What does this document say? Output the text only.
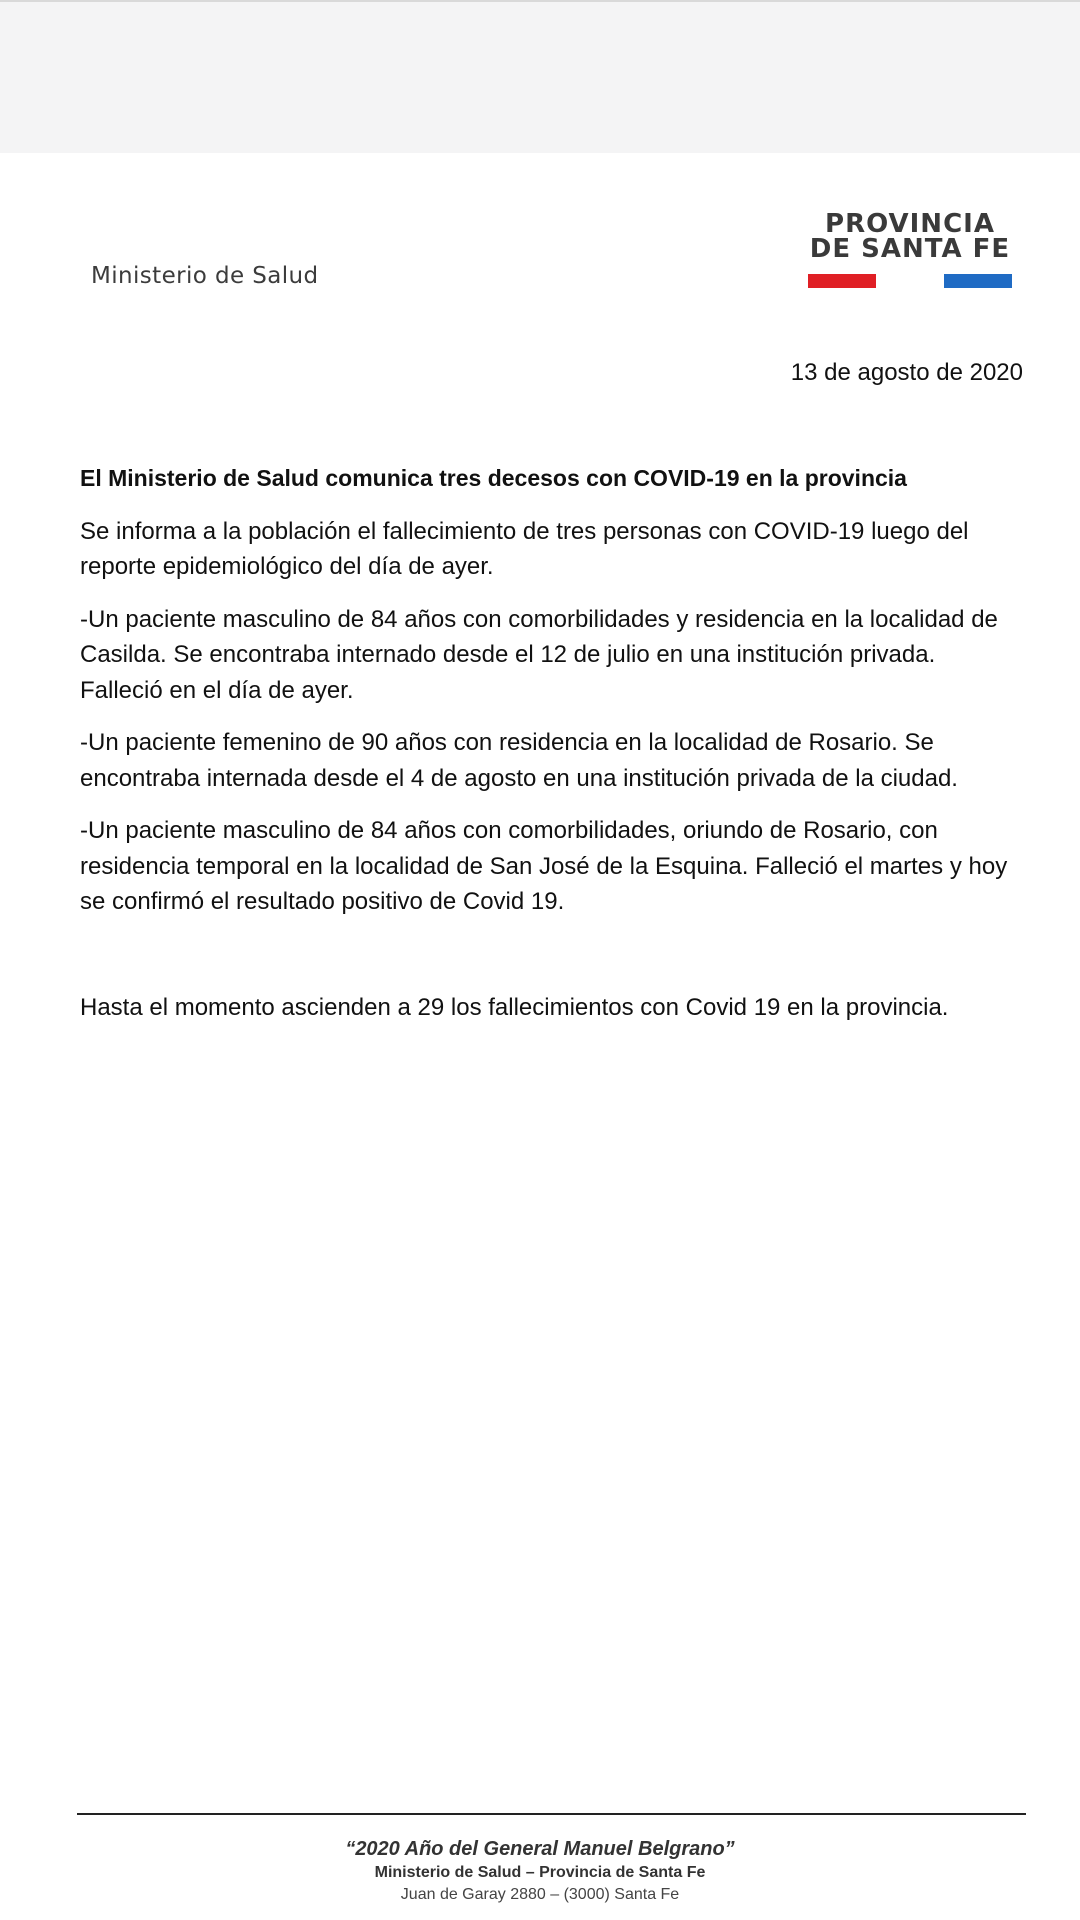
Ministerio de Salud
PROVINCIA
DE SANTA FE
13 de agosto de 2020

El Ministerio de Salud comunica tres decesos con COVID-19 en la provincia

Se informa a la población el fallecimiento de tres personas con COVID-19 luego del reporte epidemiológico del día de ayer.

-Un paciente masculino de 84 años con comorbilidades y residencia en la localidad de Casilda. Se encontraba internado desde el 12 de julio en una institución privada. Falleció en el día de ayer.

-Un paciente femenino de 90 años con residencia en la localidad de Rosario. Se encontraba internada desde el 4 de agosto en una institución privada de la ciudad.

-Un paciente masculino de 84 años con comorbilidades, oriundo de Rosario, con residencia temporal en la localidad de San José de la Esquina. Falleció el martes y hoy se confirmó el resultado positivo de Covid 19.

Hasta el momento ascienden a 29 los fallecimientos con Covid 19 en la provincia.

“2020 Año del General Manuel Belgrano”
Ministerio de Salud – Provincia de Santa Fe
Juan de Garay 2880 – (3000) Santa Fe
